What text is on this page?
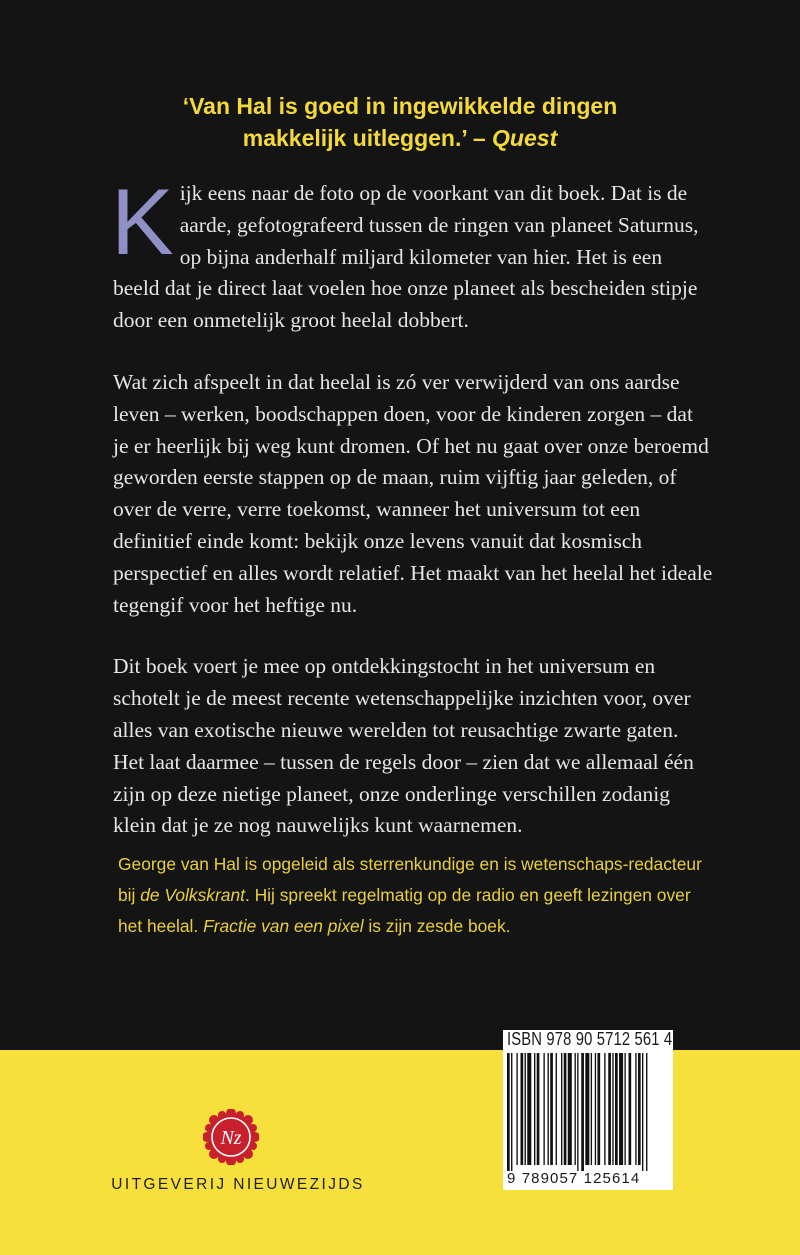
‘Van Hal is goed in ingewikkelde dingen
makkelijk uitleggen.’ – Quest

Kijk eens naar de foto op de voorkant van dit boek. Dat is de aarde, gefotografeerd tussen de ringen van planeet Saturnus, op bijna anderhalf miljard kilometer van hier. Het is een beeld dat je direct laat voelen hoe onze planeet als bescheiden stipje door een onmetelijk groot heelal dobbert.

Wat zich afspeelt in dat heelal is zó ver verwijderd van ons aardse leven – werken, boodschappen doen, voor de kinderen zorgen – dat je er heerlijk bij weg kunt dromen. Of het nu gaat over onze beroemd geworden eerste stappen op de maan, ruim vijftig jaar geleden, of over de verre, verre toekomst, wanneer het universum tot een definitief einde komt: bekijk onze levens vanuit dat kosmisch perspectief en alles wordt relatief. Het maakt van het heelal het ideale tegengif voor het heftige nu.

Dit boek voert je mee op ontdekkingstocht in het universum en schotelt je de meest recente wetenschappelijke inzichten voor, over alles van exotische nieuwe werelden tot reusachtige zwarte gaten. Het laat daarmee – tussen de regels door – zien dat we allemaal één zijn op deze nietige planeet, onze onderlinge verschillen zodanig klein dat je ze nog nauwelijks kunt waarnemen.

George van Hal is opgeleid als sterrenkundige en is wetenschaps-redacteur bij de Volkskrant. Hij spreekt regelmatig op de radio en geeft lezingen over het heelal. Fractie van een pixel is zijn zesde boek.
Nz
UITGEVERIJ NIEUWEZIJDS
ISBN 978 90 5712 561 4
9 789057 125614
